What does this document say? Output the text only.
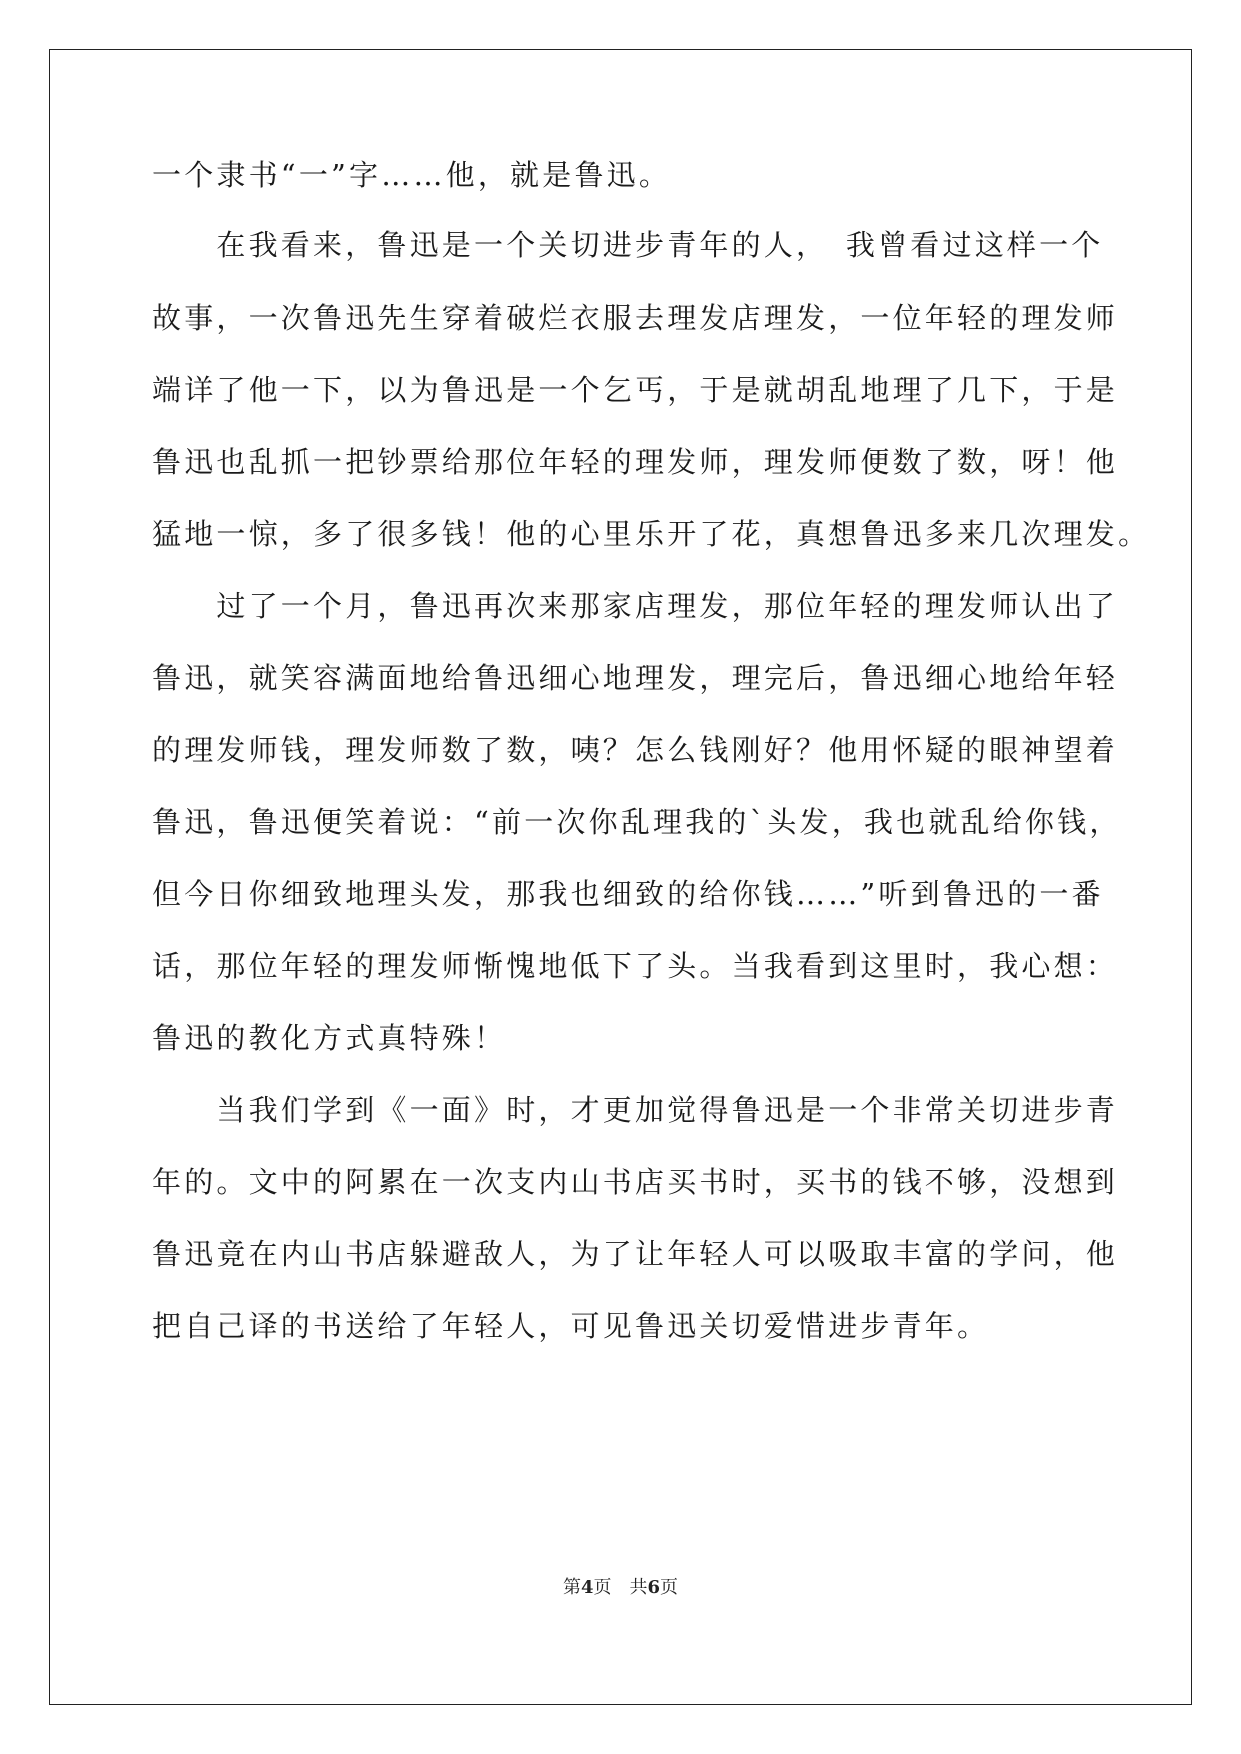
一个隶书“一”字……他，就是鲁迅。
　　在我看来，鲁迅是一个关切进步青年的人，　我曾看过这样一个
故事，一次鲁迅先生穿着破烂衣服去理发店理发，一位年轻的理发师
端详了他一下，以为鲁迅是一个乞丐，于是就胡乱地理了几下，于是
鲁迅也乱抓一把钞票给那位年轻的理发师，理发师便数了数，呀！他
猛地一惊，多了很多钱！他的心里乐开了花，真想鲁迅多来几次理发。
　　过了一个月，鲁迅再次来那家店理发，那位年轻的理发师认出了
鲁迅，就笑容满面地给鲁迅细心地理发，理完后，鲁迅细心地给年轻
的理发师钱，理发师数了数，咦？怎么钱刚好？他用怀疑的眼神望着
鲁迅，鲁迅便笑着说：“前一次你乱理我的`头发，我也就乱给你钱，
但今日你细致地理头发，那我也细致的给你钱……”听到鲁迅的一番
话，那位年轻的理发师惭愧地低下了头。当我看到这里时，我心想：
鲁迅的教化方式真特殊！
　　当我们学到《一面》时，才更加觉得鲁迅是一个非常关切进步青
年的。文中的阿累在一次支内山书店买书时，买书的钱不够，没想到
鲁迅竟在内山书店躲避敌人，为了让年轻人可以吸取丰富的学问，他
把自己译的书送给了年轻人，可见鲁迅关切爱惜进步青年。
第4页  共6页
